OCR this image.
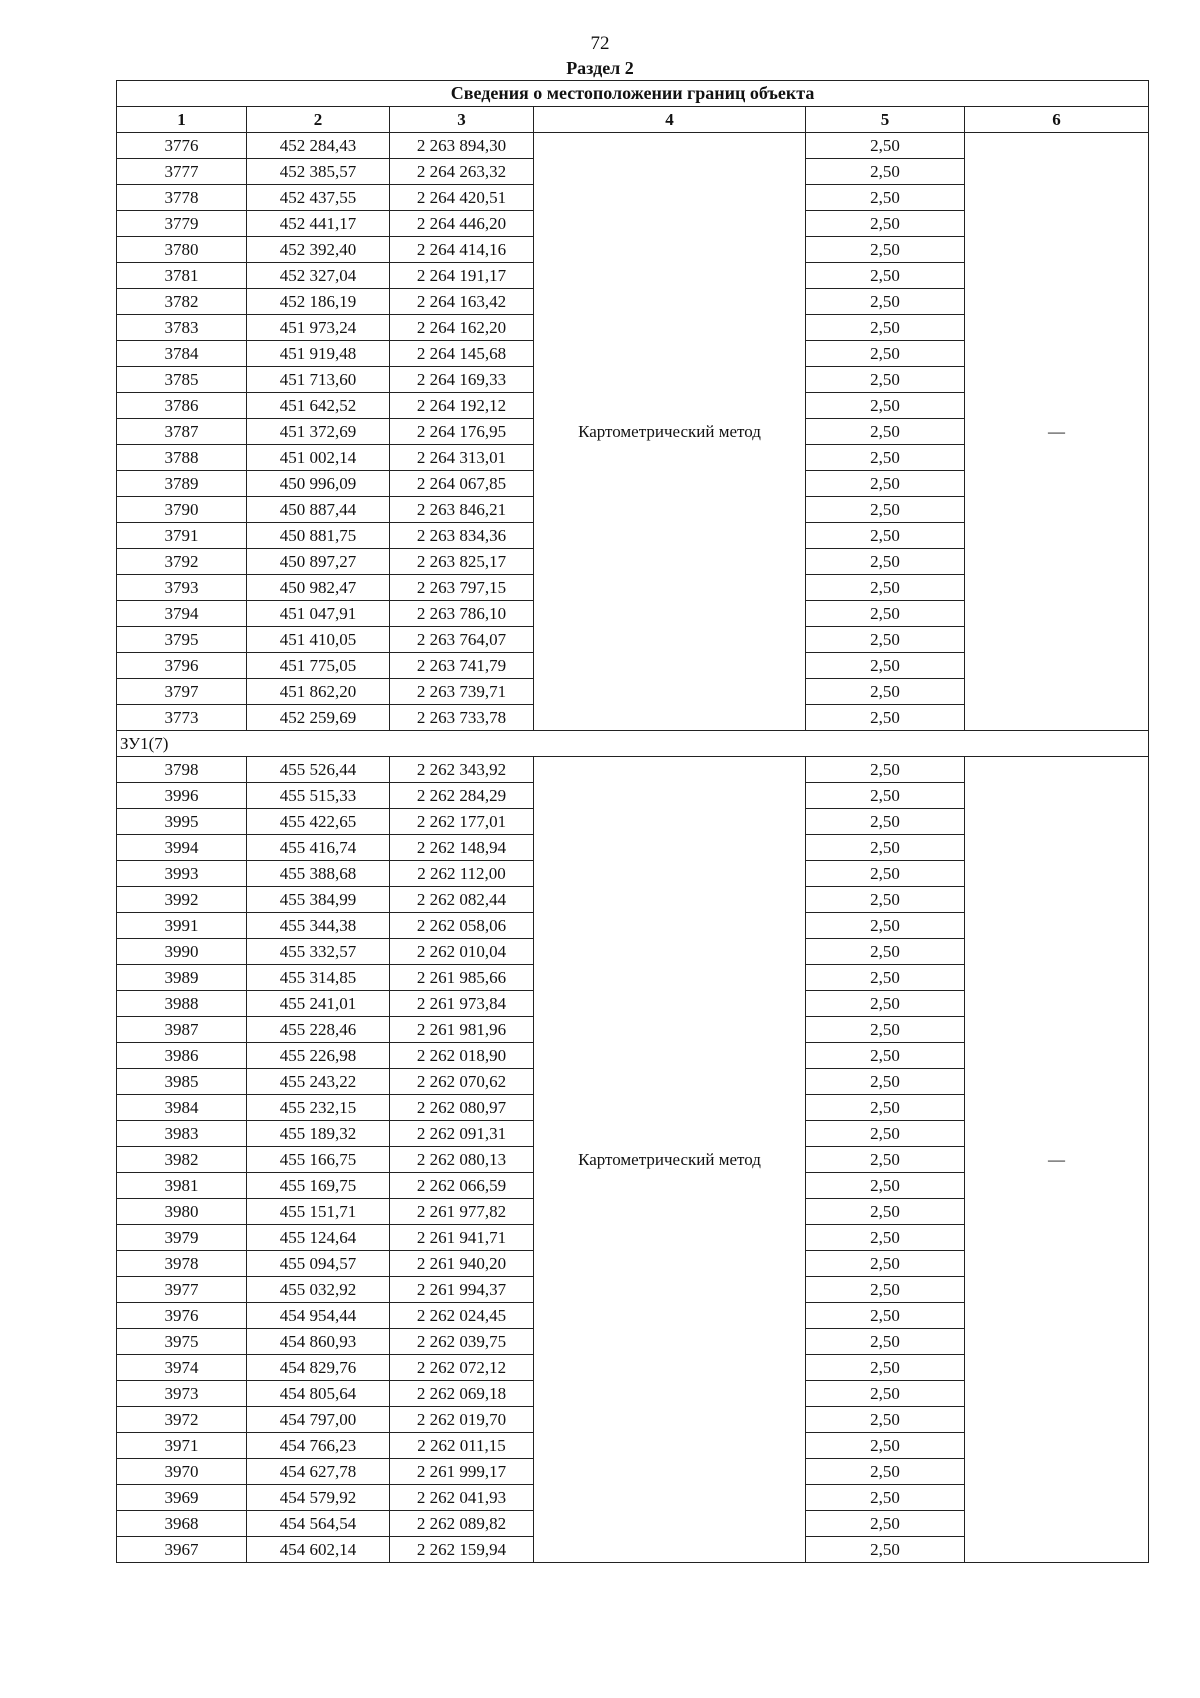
72
Раздел 2
Сведения о местоположении границ объекта					
1	2	3	4	5	6
3776	452 284,43	2 263 894,30	Картометрический метод	2,50	—
3777	452 385,57	2 264 263,32		2,50	
3778	452 437,55	2 264 420,51		2,50	
3779	452 441,17	2 264 446,20		2,50	
3780	452 392,40	2 264 414,16		2,50	
3781	452 327,04	2 264 191,17		2,50	
3782	452 186,19	2 264 163,42		2,50	
3783	451 973,24	2 264 162,20		2,50	
3784	451 919,48	2 264 145,68		2,50	
3785	451 713,60	2 264 169,33		2,50	
3786	451 642,52	2 264 192,12		2,50	
3787	451 372,69	2 264 176,95		2,50	
3788	451 002,14	2 264 313,01		2,50	
3789	450 996,09	2 264 067,85		2,50	
3790	450 887,44	2 263 846,21		2,50	
3791	450 881,75	2 263 834,36		2,50	
3792	450 897,27	2 263 825,17		2,50	
3793	450 982,47	2 263 797,15		2,50	
3794	451 047,91	2 263 786,10		2,50	
3795	451 410,05	2 263 764,07		2,50	
3796	451 775,05	2 263 741,79		2,50	
3797	451 862,20	2 263 739,71		2,50	
3773	452 259,69	2 263 733,78		2,50	
ЗУ1(7)					
3798	455 526,44	2 262 343,92	Картометрический метод	2,50	—
3996	455 515,33	2 262 284,29		2,50	
3995	455 422,65	2 262 177,01		2,50	
3994	455 416,74	2 262 148,94		2,50	
3993	455 388,68	2 262 112,00		2,50	
3992	455 384,99	2 262 082,44		2,50	
3991	455 344,38	2 262 058,06		2,50	
3990	455 332,57	2 262 010,04		2,50	
3989	455 314,85	2 261 985,66		2,50	
3988	455 241,01	2 261 973,84		2,50	
3987	455 228,46	2 261 981,96		2,50	
3986	455 226,98	2 262 018,90		2,50	
3985	455 243,22	2 262 070,62		2,50	
3984	455 232,15	2 262 080,97		2,50	
3983	455 189,32	2 262 091,31		2,50	
3982	455 166,75	2 262 080,13		2,50	
3981	455 169,75	2 262 066,59		2,50	
3980	455 151,71	2 261 977,82		2,50	
3979	455 124,64	2 261 941,71		2,50	
3978	455 094,57	2 261 940,20		2,50	
3977	455 032,92	2 261 994,37		2,50	
3976	454 954,44	2 262 024,45		2,50	
3975	454 860,93	2 262 039,75		2,50	
3974	454 829,76	2 262 072,12		2,50	
3973	454 805,64	2 262 069,18		2,50	
3972	454 797,00	2 262 019,70		2,50	
3971	454 766,23	2 262 011,15		2,50	
3970	454 627,78	2 261 999,17		2,50	
3969	454 579,92	2 262 041,93		2,50	
3968	454 564,54	2 262 089,82		2,50	
3967	454 602,14	2 262 159,94		2,50	
